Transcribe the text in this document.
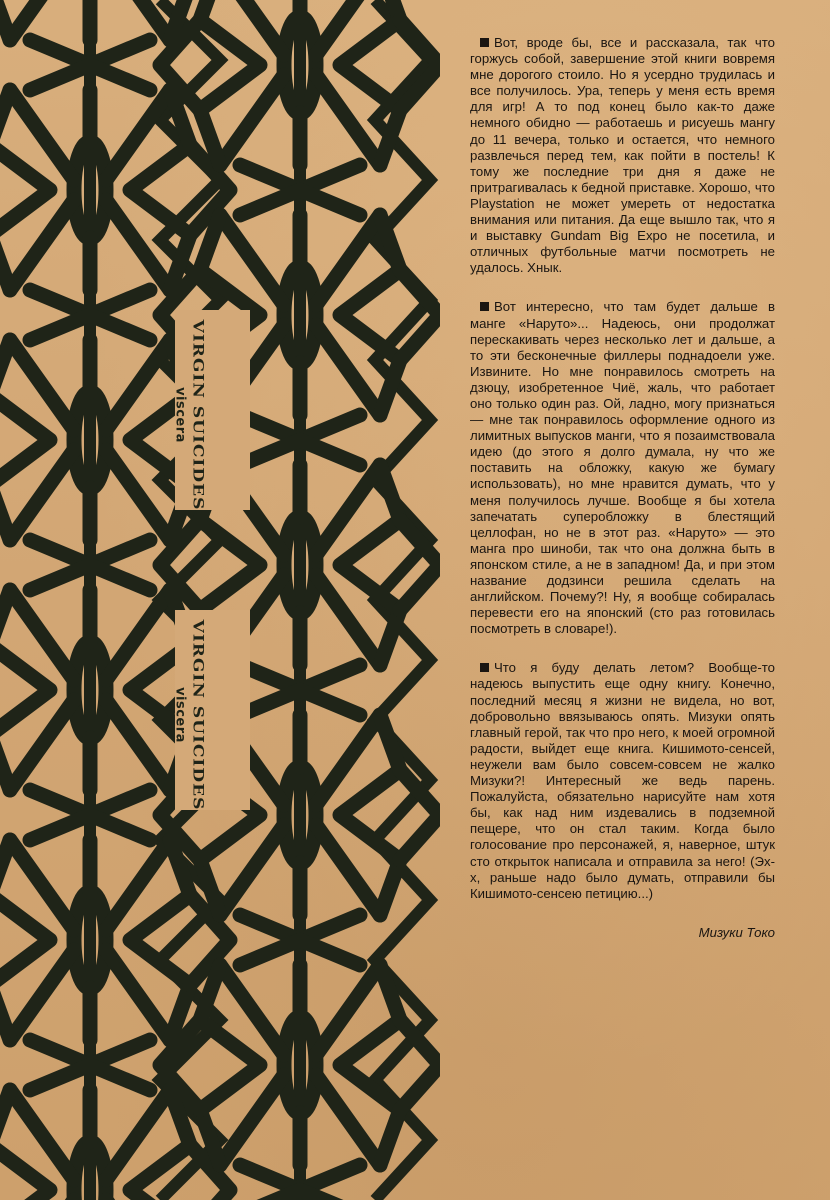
VIRGIN SUICIDES
viscera
VIRGIN SUICIDES
viscera

Вот, вроде бы, все и рассказала, так что горжусь собой, завершение этой книги вовремя мне дорогого стоило. Но я усердно трудилась и все получилось. Ура, теперь у меня есть время для игр! А то под конец было как-то даже немного обидно — работаешь и рисуешь мангу до 11 вечера, только и остается, что немного развлечься перед тем, как пойти в постель! К тому же последние три дня я даже не притрагивалась к бедной приставке. Хорошо, что Playstation не может умереть от недостатка внимания или питания. Да еще вышло так, что я и выставку Gundam Big Expo не посетила, и отличных футбольные матчи посмотреть не удалось. Хнык.

Вот интересно, что там будет дальше в манге «Наруто»... Надеюсь, они продолжат перескакивать через несколько лет и дальше, а то эти бесконечные филлеры поднадоели уже. Извините. Но мне понравилось смотреть на дзюцу, изобретенное Чиё, жаль, что работает оно только один раз. Ой, ладно, могу признаться — мне так понравилось оформление одного из лимитных выпусков манги, что я позаимствовала идею (до этого я долго думала, ну что же поставить на обложку, какую же бумагу использовать), но мне нравится думать, что у меня получилось лучше. Вообще я бы хотела запечатать суперобложку в блестящий целлофан, но не в этот раз. «Наруто» — это манга про шиноби, так что она должна быть в японском стиле, а не в западном! Да, и при этом название додзинси решила сделать на английском. Почему?! Ну, я вообще собиралась перевести его на японский (сто раз готовилась посмотреть в словаре!).

Что я буду делать летом? Вообще-то надеюсь выпустить еще одну книгу. Конечно, последний месяц я жизни не видела, но вот, добровольно ввязываюсь опять. Мизуки опять главный герой, так что про него, к моей огромной радости, выйдет еще книга. Кишимото-сенсей, неужели вам было совсем-совсем не жалко Мизуки?! Интересный же ведь парень. Пожалуйста, обязательно нарисуйте нам хотя бы, как над ним издевались в подземной пещере, что он стал таким. Когда было голосование про персонажей, я, наверное, штук сто открыток написала и отправила за него! (Эх-х, раньше надо было думать, отправили бы Кишимото-сенсею петицию...)

Мизуки Токо
